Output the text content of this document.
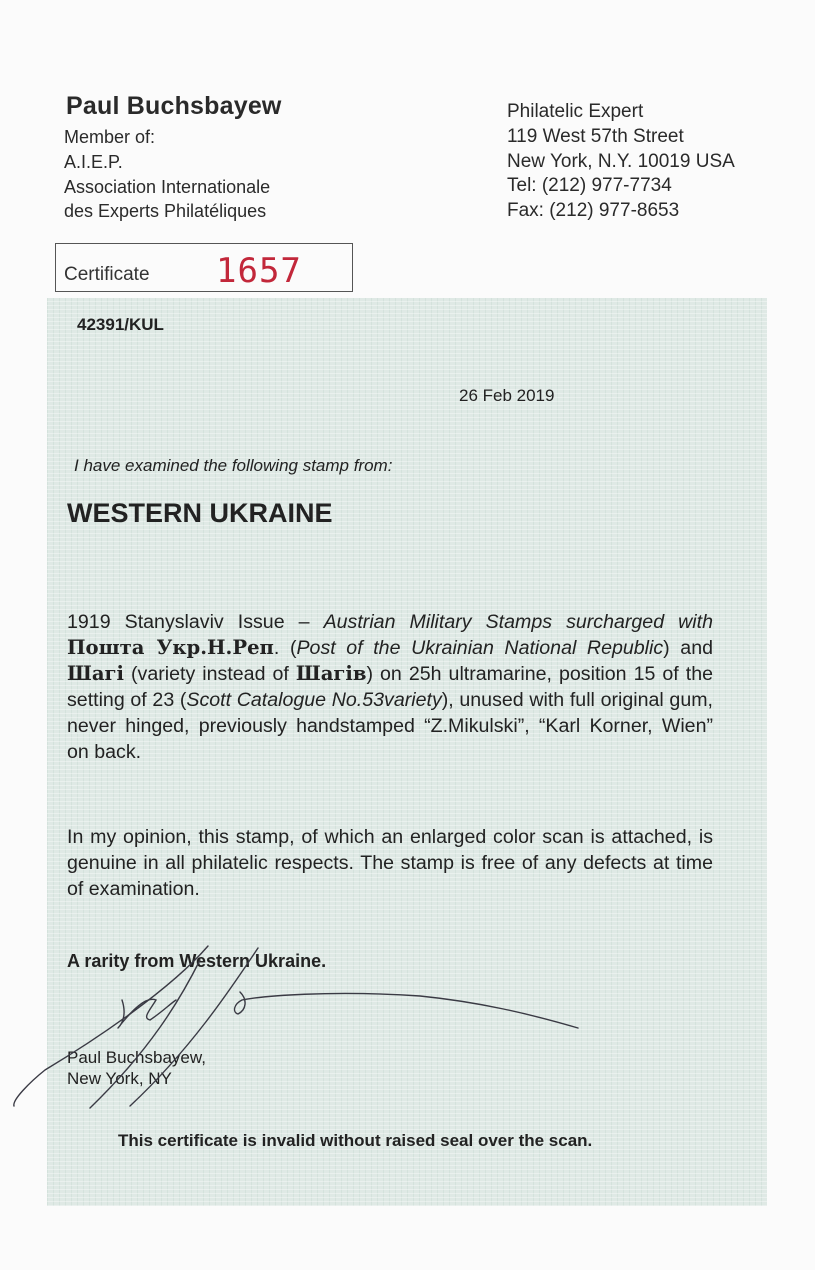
Paul Buchsbayew
Member of:
A.I.E.P.
Association Internationale
des Experts Philatéliques
Philatelic Expert
119 West 57th Street
New York, N.Y. 10019 USA
Tel: (212) 977-7734
Fax: (212) 977-8653
Certificate 1657
42391/KUL
26 Feb 2019
I have examined the following stamp from:
WESTERN UKRAINE
1919 Stanyslaviv Issue – Austrian Military Stamps surcharged with Пошта Укр.Н.Реп. (Post of the Ukrainian National Republic) and Шагі (variety instead of Шагів) on 25h ultramarine, position 15 of the setting of 23 (Scott Catalogue No.53variety), unused with full original gum, never hinged, previously handstamped “Z.Mikulski”, “Karl Korner, Wien” on back.
In my opinion, this stamp, of which an enlarged color scan is attached, is genuine in all philatelic respects. The stamp is free of any defects at time of examination.
A rarity from Western Ukraine.
Paul Buchsbayew,
New York, NY
This certificate is invalid without raised seal over the scan.
